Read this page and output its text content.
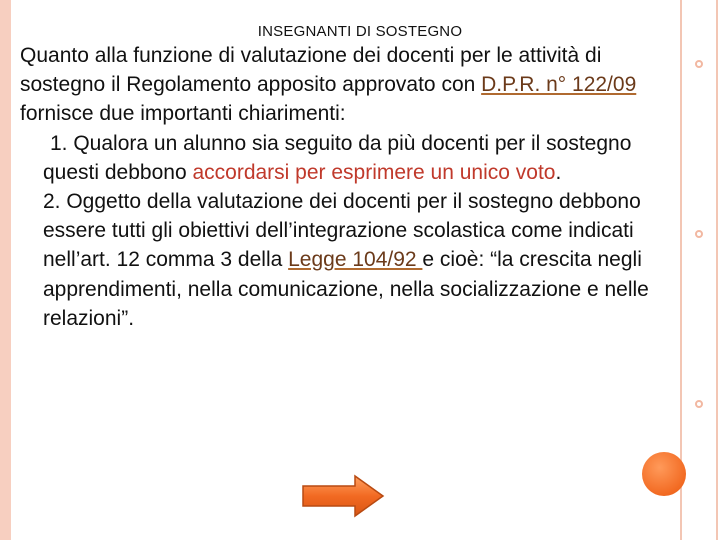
INSEGNANTI DI SOSTEGNO

Quanto alla funzione di valutazione dei docenti per le attività di sostegno il Regolamento apposito approvato con D.P.R. n° 122/09 fornisce due importanti chiarimenti:

1. Qualora un alunno sia seguito da più docenti per il sostegno questi debbono accordarsi per esprimere un unico voto.

2. Oggetto della valutazione dei docenti per il sostegno debbono essere tutti gli obiettivi dell’integrazione scolastica come indicati nell’art. 12 comma 3 della Legge 104/92 e cioè: “la crescita negli apprendimenti, nella comunicazione, nella socializzazione e nelle relazioni”.
